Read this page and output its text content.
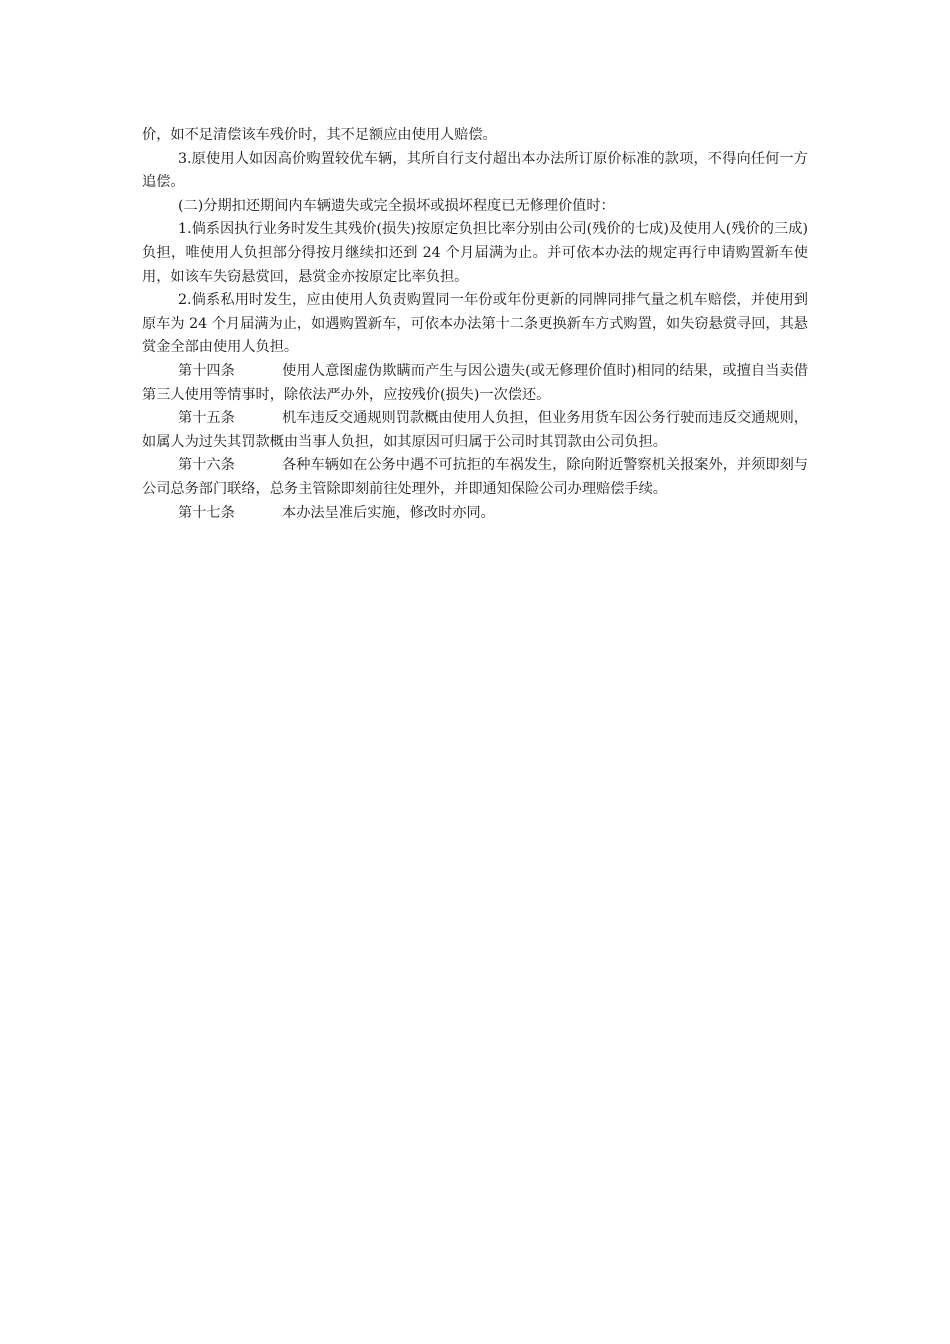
价，如不足清偿该车残价时，其不足额应由使用人赔偿。

3.原使用人如因高价购置较优车辆，其所自行支付超出本办法所订原价标准的款项，不得向任何一方追偿。

(二)分期扣还期间内车辆遗失或完全损坏或损坏程度已无修理价值时：

1.倘系因执行业务时发生其残价(损失)按原定负担比率分别由公司(残价的七成)及使用人(残价的三成)负担，唯使用人负担部分得按月继续扣还到 24 个月届满为止。并可依本办法的规定再行申请购置新车使用，如该车失窃悬赏回，悬赏金亦按原定比率负担。

2.倘系私用时发生，应由使用人负责购置同一年份或年份更新的同牌同排气量之机车赔偿，并使用到原车为 24 个月届满为止，如遇购置新车，可依本办法第十二条更换新车方式购置，如失窃悬赏寻回，其悬赏金全部由使用人负担。

第十四条	使用人意图虚伪欺瞒而产生与因公遗失(或无修理价值时)相同的结果，或擅自当卖借第三人使用等情事时，除依法严办外，应按残价(损失)一次偿还。

第十五条	机车违反交通规则罚款概由使用人负担，但业务用货车因公务行驶而违反交通规则，如属人为过失其罚款概由当事人负担，如其原因可归属于公司时其罚款由公司负担。

第十六条	各种车辆如在公务中遇不可抗拒的车祸发生，除向附近警察机关报案外，并须即刻与公司总务部门联络，总务主管除即刻前往处理外，并即通知保险公司办理赔偿手续。

第十七条	本办法呈准后实施，修改时亦同。
